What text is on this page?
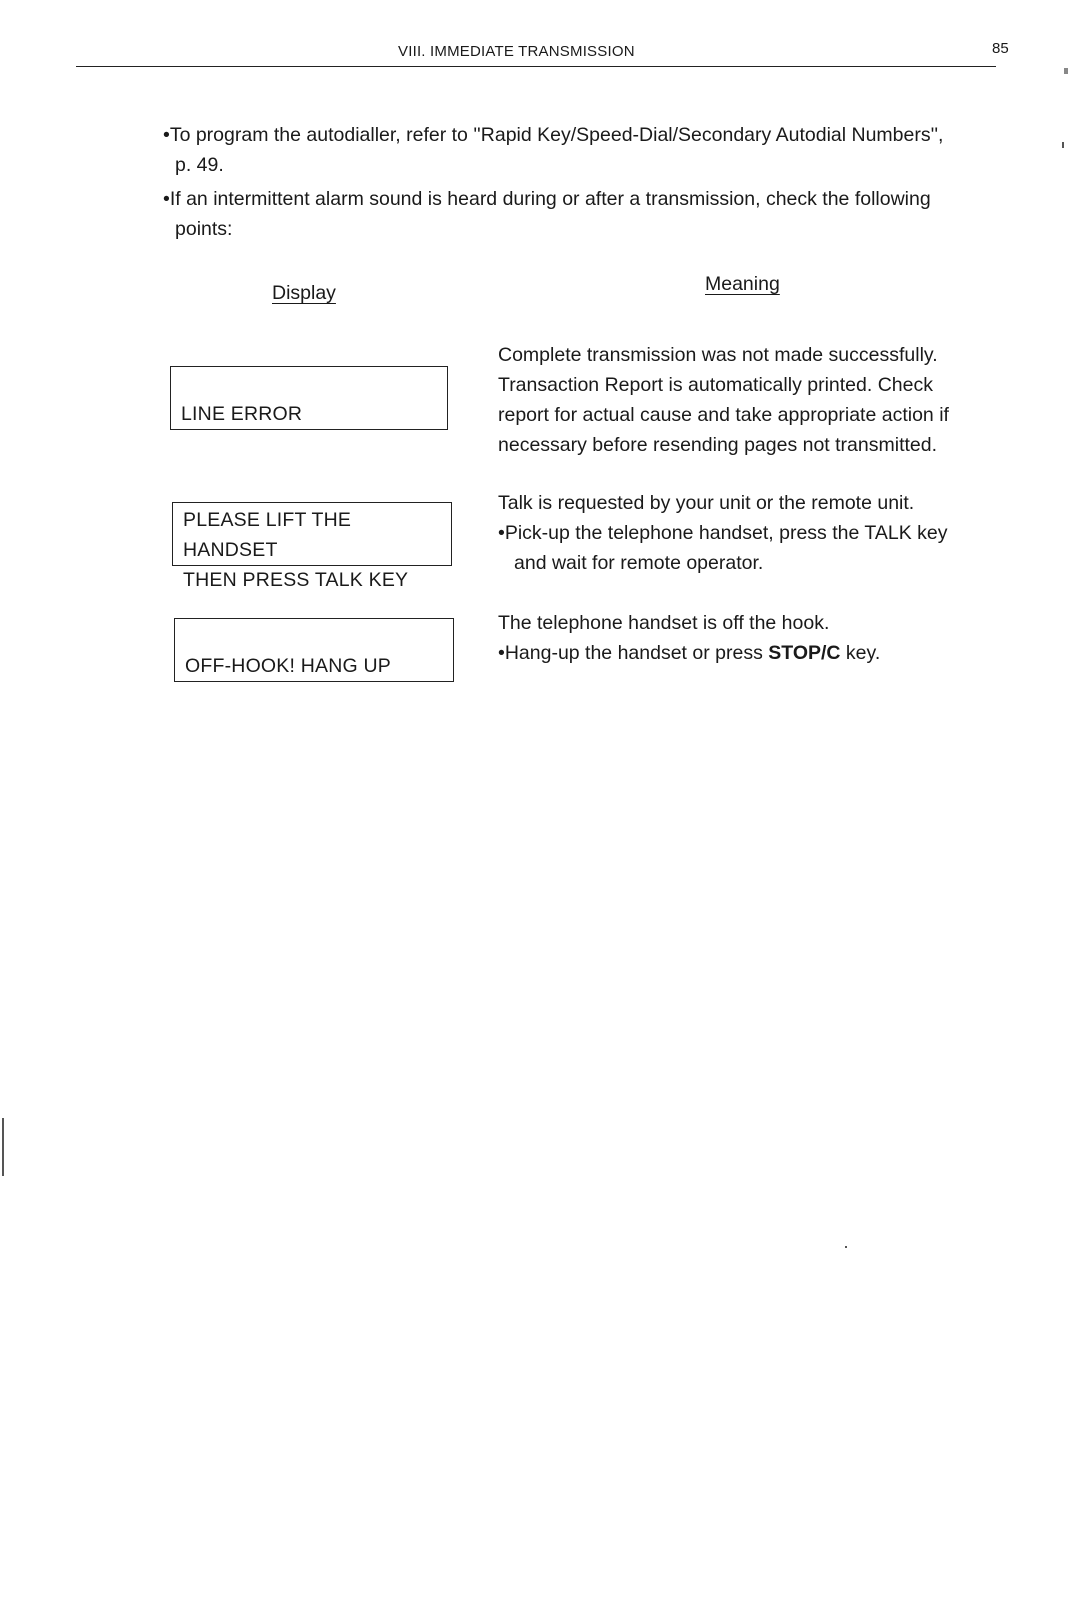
VIII. IMMEDIATE TRANSMISSION	85
•To program the autodialler, refer to ''Rapid Key/Speed-Dial/Secondary Autodial Numbers'',
p. 49.
•If an intermittent alarm sound is heard during or after a transmission, check the following
points:
Display	Meaning
LINE ERROR
Complete transmission was not made successfully.
Transaction Report is automatically printed. Check
report for actual cause and take appropriate action if
necessary before resending pages not transmitted.
PLEASE LIFT THE HANDSET
THEN PRESS TALK KEY
Talk is requested by your unit or the remote unit.
•Pick-up the telephone handset, press the TALK key
and wait for remote operator.
OFF-HOOK! HANG UP
The telephone handset is off the hook.
•Hang-up the handset or press STOP/C key.
